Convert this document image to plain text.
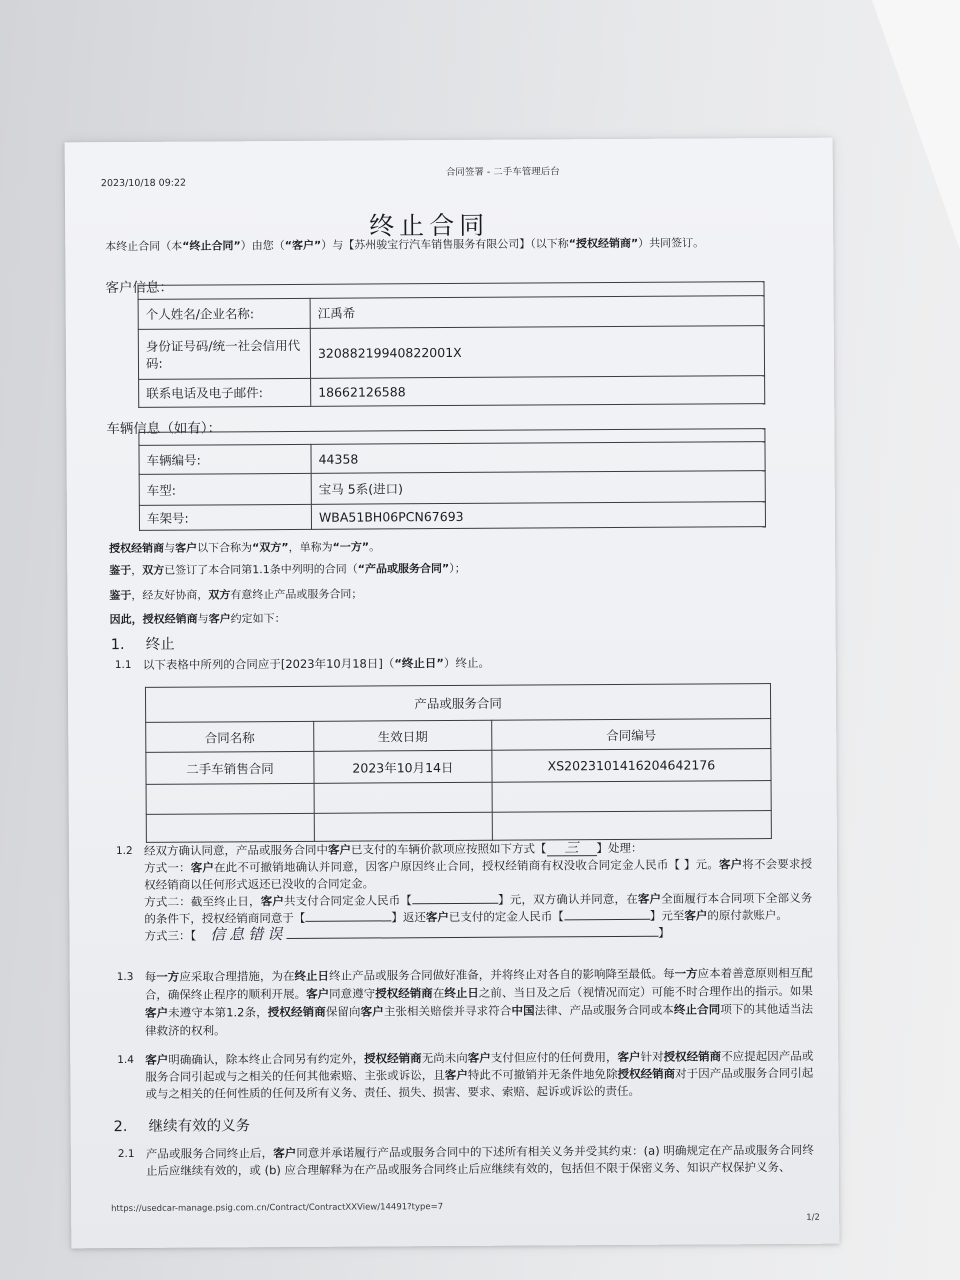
2023/10/18 09:22
合同签署 - 二手车管理后台
终止合同
本终止合同（本“终止合同”）由您（“客户”）与【苏州骏宝行汽车销售服务有限公司】（以下称“授权经销商”）共同签订。
客户信息：

个人姓名/企业名称:	江禹希
身份证号码/统一社会信用代码:	32088219940822001X
联系电话及电子邮件:	18662126588
车辆信息（如有）：

车辆编号:	44358
车型:	宝马 5系(进口)
车架号:	WBA51BH06PCN67693
授权经销商与客户以下合称为“双方”，单称为“一方”。
鉴于，双方已签订了本合同第1.1条中列明的合同（“产品或服务合同”）；
鉴于，经友好协商，双方有意终止产品或服务合同；
因此，授权经销商与客户约定如下：
1. 终止
1.1 以下表格中所列的合同应于[2023年10月18日]（“终止日”）终止。
产品或服务合同		
合同名称	生效日期	合同编号
二手车销售合同	2023年10月14日	XS2023101416204642176

1.2 经双方确认同意，产品或服务合同中客户已支付的车辆价款项应按照如下方式【 三 】处理：
方式一：客户在此不可撤销地确认并同意，因客户原因终止合同，授权经销商有权没收合同定金人民币【 】元。客户将不会要求授权经销商以任何形式返还已没收的合同定金。
方式二：截至终止日，客户共支付合同定金人民币【	】元，双方确认并同意，在客户全面履行本合同项下全部义务的条件下，授权经销商同意于【	】返还客户已支付的定金人民币【	】元至客户的原付款账户。
方式三：【 信息错误	】
1.3 每一方应采取合理措施，为在终止日终止产品或服务合同做好准备，并将终止对各自的影响降至最低。每一方应本着善意原则相互配合，确保终止程序的顺利开展。客户同意遵守授权经销商在终止日之前、当日及之后（视情况而定）可能不时合理作出的指示。如果客户未遵守本第1.2条，授权经销商保留向客户主张相关赔偿并寻求符合中国法律、产品或服务合同或本终止合同项下的其他适当法律救济的权利。
1.4 客户明确确认，除本终止合同另有约定外，授权经销商无尚未向客户支付但应付的任何费用，客户针对授权经销商不应提起因产品或服务合同引起或与之相关的任何其他索赔、主张或诉讼，且客户特此不可撤销并无条件地免除授权经销商对于因产品或服务合同引起或与之相关的任何性质的任何及所有义务、责任、损失、损害、要求、索赔、起诉或诉讼的责任。
2. 继续有效的义务
2.1 产品或服务合同终止后，客户同意并承诺履行产品或服务合同中的下述所有相关义务并受其约束：(a) 明确规定在产品或服务合同终止后应继续有效的，或 (b) 应合理解释为在产品或服务合同终止后应继续有效的，包括但不限于保密义务、知识产权保护义务、
https://usedcar-manage.psig.com.cn/Contract/ContractXXView/14491?type=7
1/2
